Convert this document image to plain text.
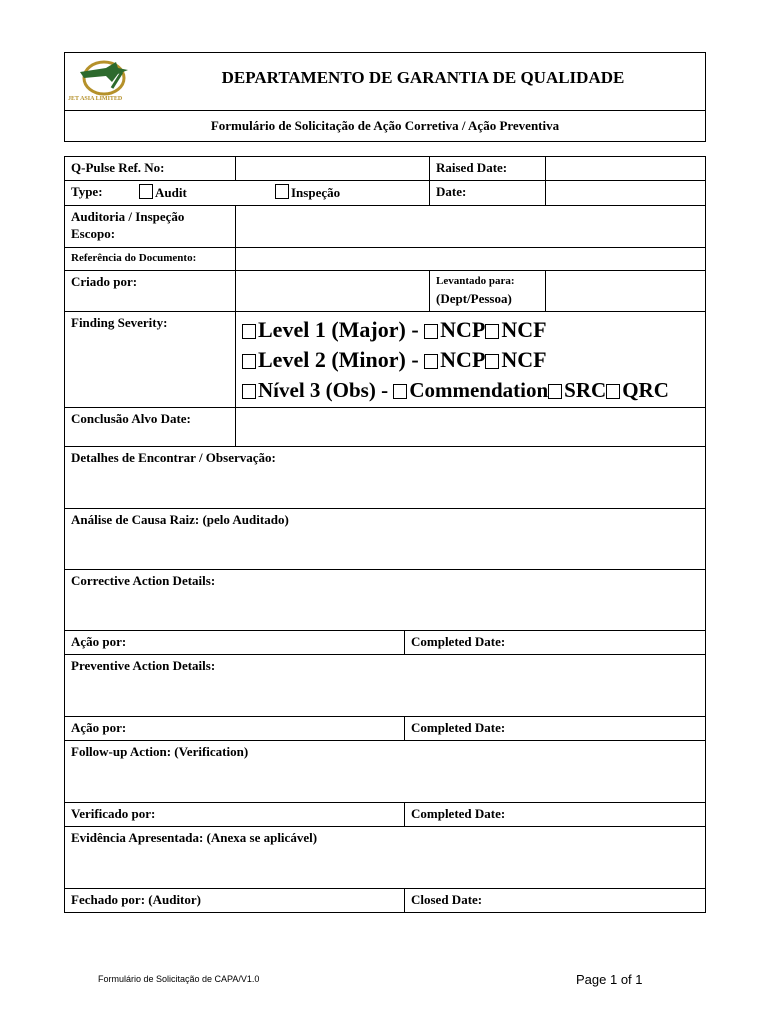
JET ASIA LIMITED
DEPARTAMENTO DE GARANTIA DE QUALIDADE
Formulário de Solicitação de Ação Corretiva / Ação Preventiva
Q-Pulse Ref. No:	Raised Date:
Type:	Audit	Inspeção	Date:
Auditoria / Inspeção Escopo:
Referência do Documento:
Criado por:	Levantado para:
(Dept/Pessoa)
Finding Severity:	Level 1 (Major) - NCP NCF
Level 2 (Minor) - NCP NCF
Nível 3 (Obs) - Commendation SRC QRC
Conclusão Alvo Date:
Detalhes de Encontrar / Observação:
Análise de Causa Raiz: (pelo Auditado)
Corrective Action Details:
Ação por:	Completed Date:
Preventive Action Details:
Ação por:	Completed Date:
Follow-up Action: (Verification)
Verificado por:	Completed Date:
Evidência Apresentada: (Anexa se aplicável)
Fechado por: (Auditor)	Closed Date:
Formulário de Solicitação de CAPA/V1.0	Page 1 of 1
